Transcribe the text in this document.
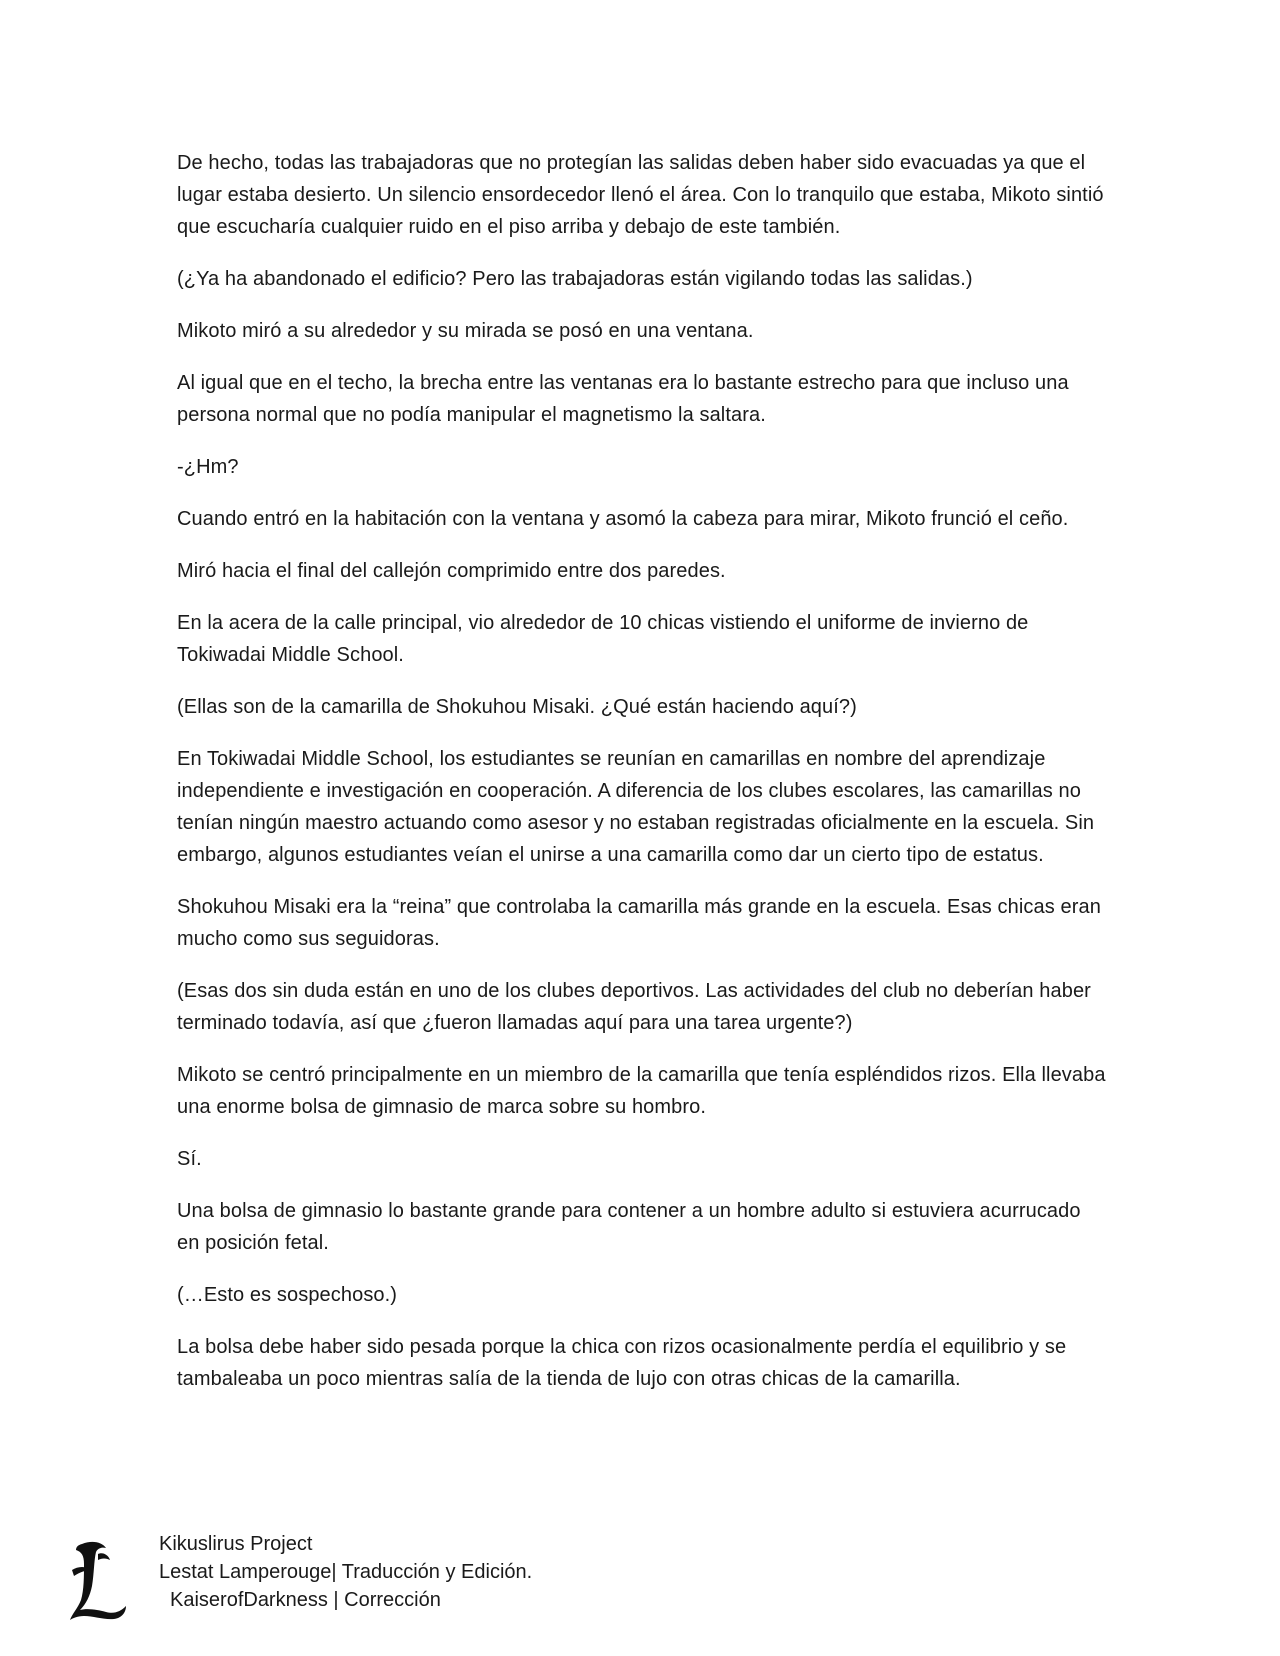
De hecho, todas las trabajadoras que no protegían las salidas deben haber sido evacuadas ya que el lugar estaba desierto. Un silencio ensordecedor llenó el área. Con lo tranquilo que estaba, Mikoto sintió que escucharía cualquier ruido en el piso arriba y debajo de este también.

(¿Ya ha abandonado el edificio? Pero las trabajadoras están vigilando todas las salidas.)

Mikoto miró a su alrededor y su mirada se posó en una ventana.

Al igual que en el techo, la brecha entre las ventanas era lo bastante estrecho para que incluso una persona normal que no podía manipular el magnetismo la saltara.

-¿Hm?

Cuando entró en la habitación con la ventana y asomó la cabeza para mirar, Mikoto frunció el ceño.

Miró hacia el final del callejón comprimido entre dos paredes.

En la acera de la calle principal, vio alrededor de 10 chicas vistiendo el uniforme de invierno de Tokiwadai Middle School.

(Ellas son de la camarilla de Shokuhou Misaki. ¿Qué están haciendo aquí?)

En Tokiwadai Middle School, los estudiantes se reunían en camarillas en nombre del aprendizaje independiente e investigación en cooperación. A diferencia de los clubes escolares, las camarillas no tenían ningún maestro actuando como asesor y no estaban registradas oficialmente en la escuela. Sin embargo, algunos estudiantes veían el unirse a una camarilla como dar un cierto tipo de estatus.

Shokuhou Misaki era la “reina” que controlaba la camarilla más grande en la escuela. Esas chicas eran mucho como sus seguidoras.

(Esas dos sin duda están en uno de los clubes deportivos. Las actividades del club no deberían haber terminado todavía, así que ¿fueron llamadas aquí para una tarea urgente?)

Mikoto se centró principalmente en un miembro de la camarilla que tenía espléndidos rizos. Ella llevaba una enorme bolsa de gimnasio de marca sobre su hombro.

Sí.

Una bolsa de gimnasio lo bastante grande para contener a un hombre adulto si estuviera acurrucado en posición fetal.

(…Esto es sospechoso.)

La bolsa debe haber sido pesada porque la chica con rizos ocasionalmente perdía el equilibrio y se tambaleaba un poco mientras salía de la tienda de lujo con otras chicas de la camarilla.

Kikuslirus Project
Lestat Lamperouge| Traducción y Edición.
KaiserofDarkness | Corrección
